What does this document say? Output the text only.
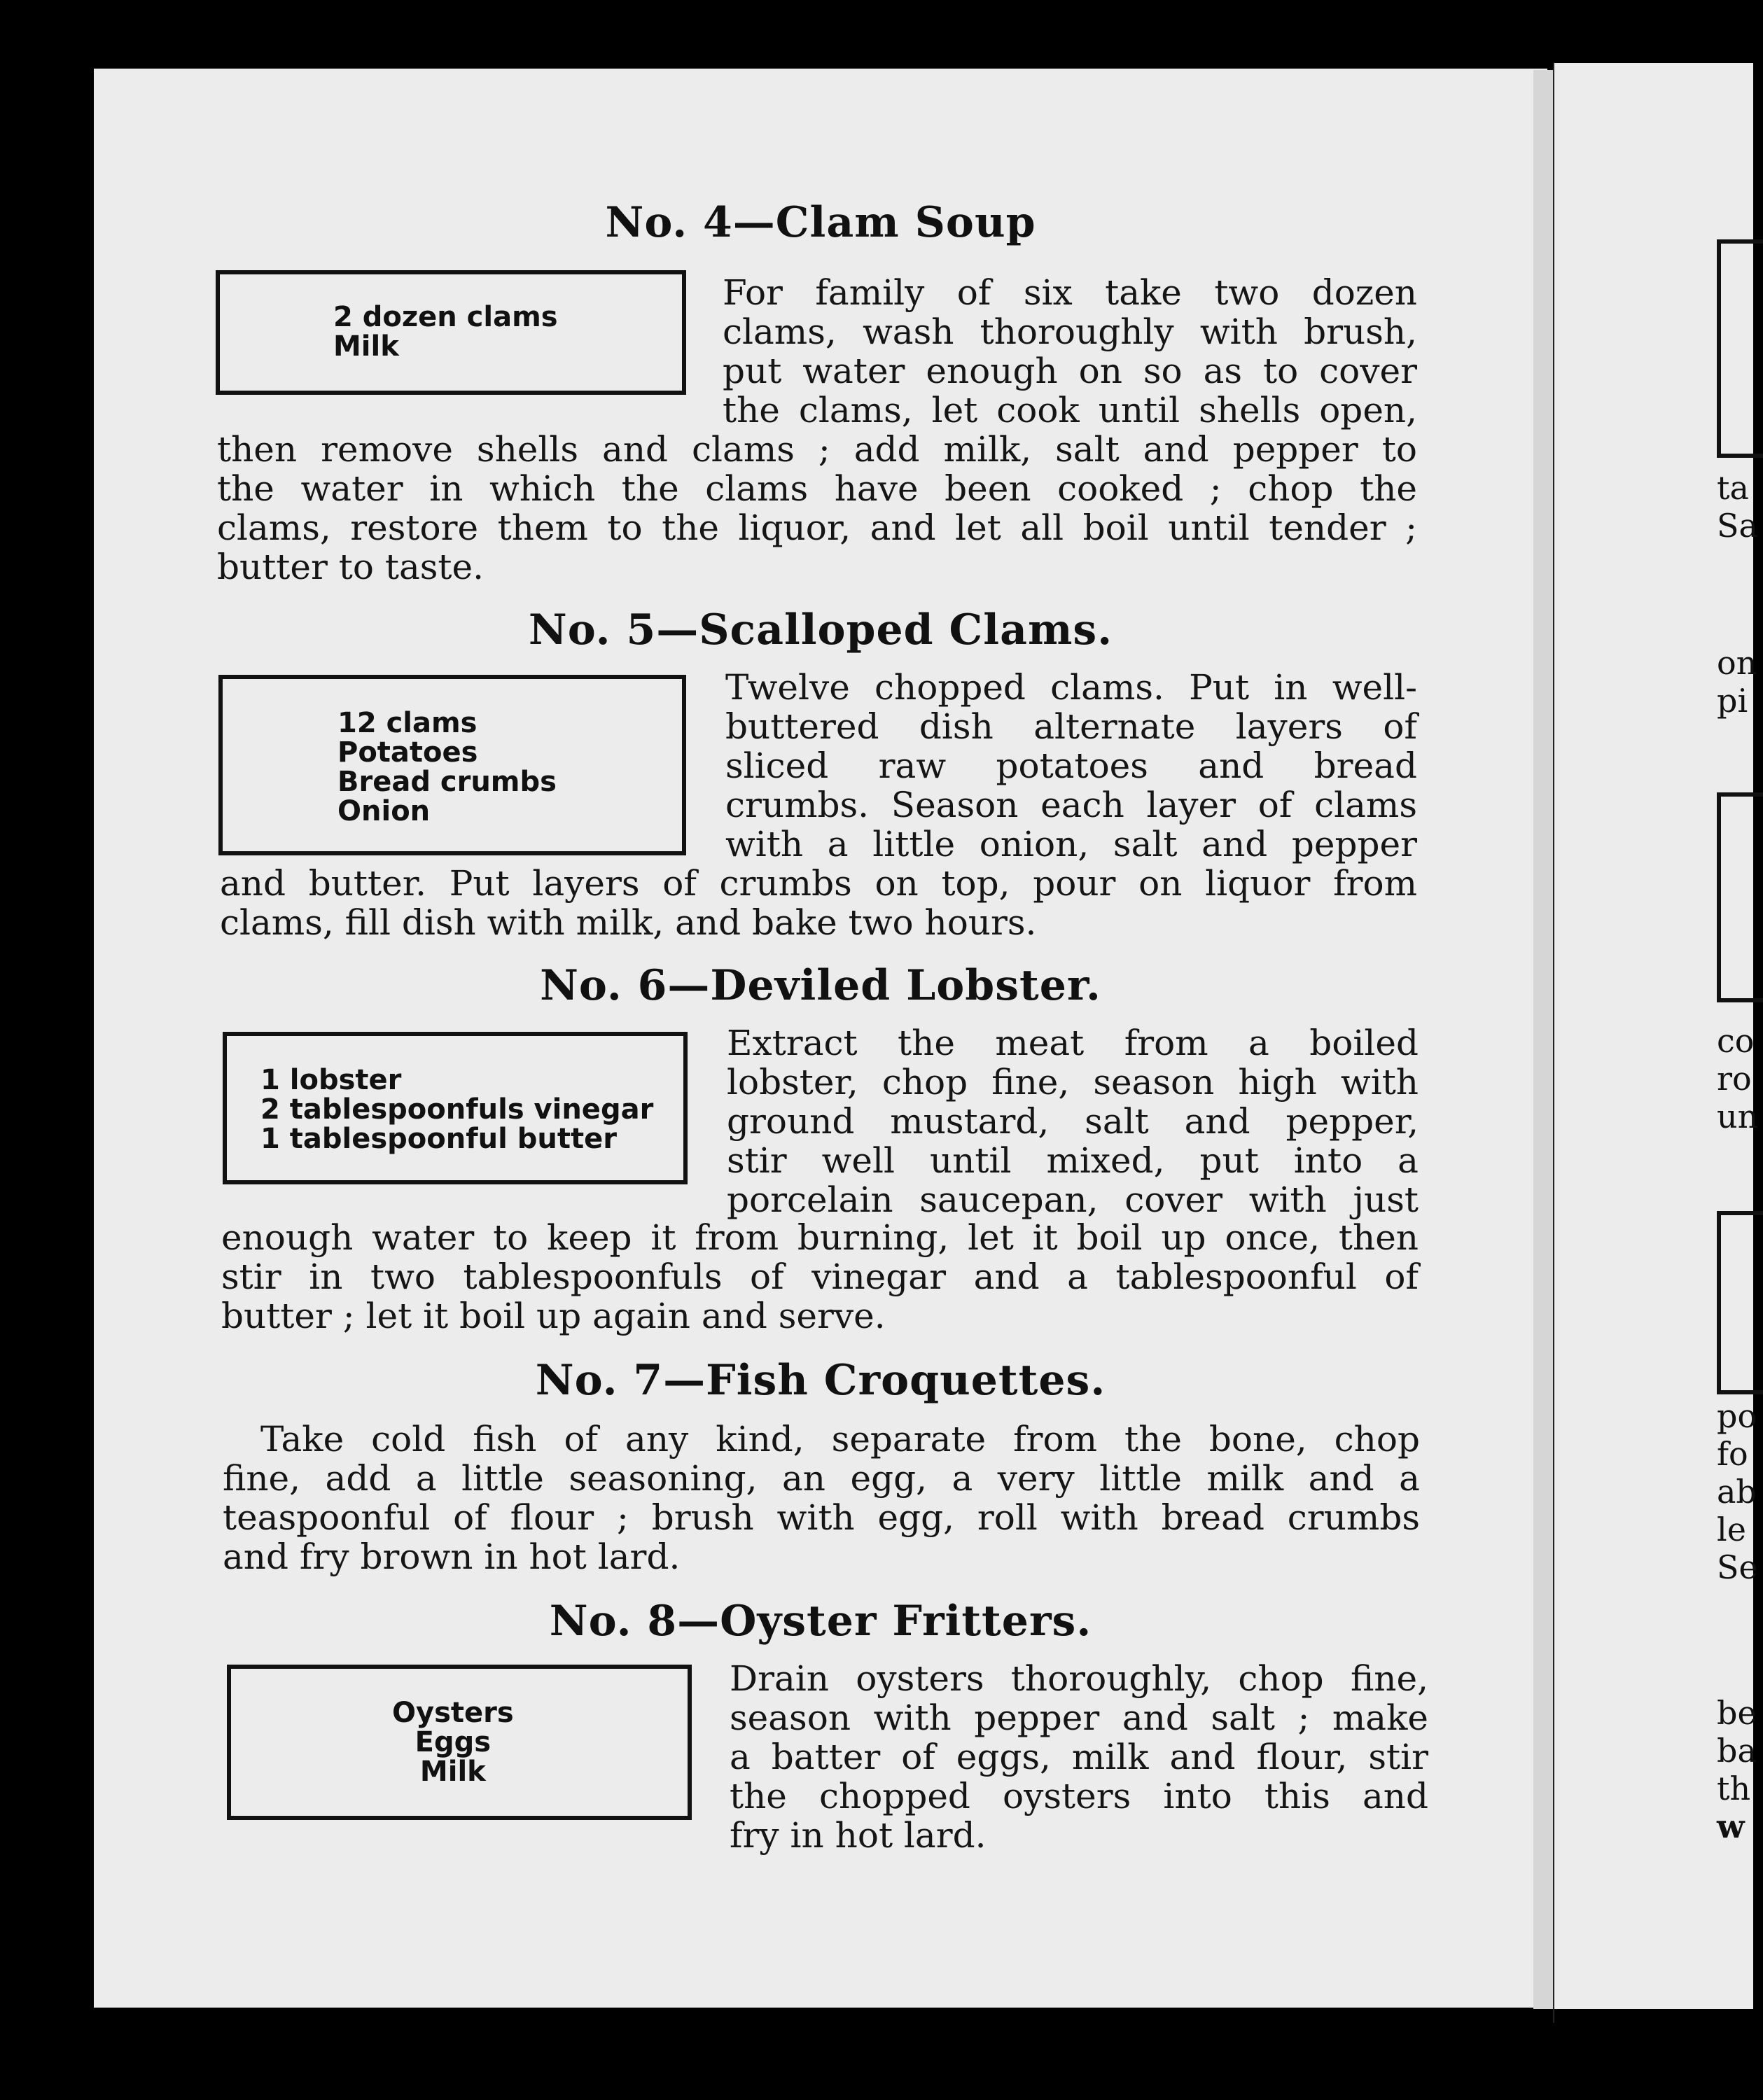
ta
Sa
on
pi
co
ro
un
po
fo
ab
le
Se
be
ba
th
w
No. 4—Clam Soup
2 dozen clams
Milk
For family of six take two dozen
clams, wash thoroughly with brush,
put water enough on so as to cover
the clams, let cook until shells open,
then remove shells and clams ; add milk, salt and pepper to
the water in which the clams have been cooked ; chop the
clams, restore them to the liquor, and let all boil until tender ;
butter to taste.
No. 5—Scalloped Clams.
12 clams
Potatoes
Bread crumbs
Onion
Twelve chopped clams. Put in well-
buttered dish alternate layers of
sliced raw potatoes and bread
crumbs. Season each layer of clams
with a little onion, salt and pepper
and butter. Put layers of crumbs on top, pour on liquor from
clams, fill dish with milk, and bake two hours.
No. 6—Deviled Lobster.
1 lobster
2 tablespoonfuls vinegar
1 tablespoonful butter
Extract the meat from a boiled
lobster, chop fine, season high with
ground mustard, salt and pepper,
stir well until mixed, put into a
porcelain saucepan, cover with just
enough water to keep it from burning, let it boil up once, then
stir in two tablespoonfuls of vinegar and a tablespoonful of
butter ; let it boil up again and serve.
No. 7—Fish Croquettes.
Take cold fish of any kind, separate from the bone, chop
fine, add a little seasoning, an egg, a very little milk and a
teaspoonful of flour ; brush with egg, roll with bread crumbs
and fry brown in hot lard.
No. 8—Oyster Fritters.
Oysters
Eggs
Milk
Drain oysters thoroughly, chop fine,
season with pepper and salt ; make
a batter of eggs, milk and flour, stir
the chopped oysters into this and
fry in hot lard.
